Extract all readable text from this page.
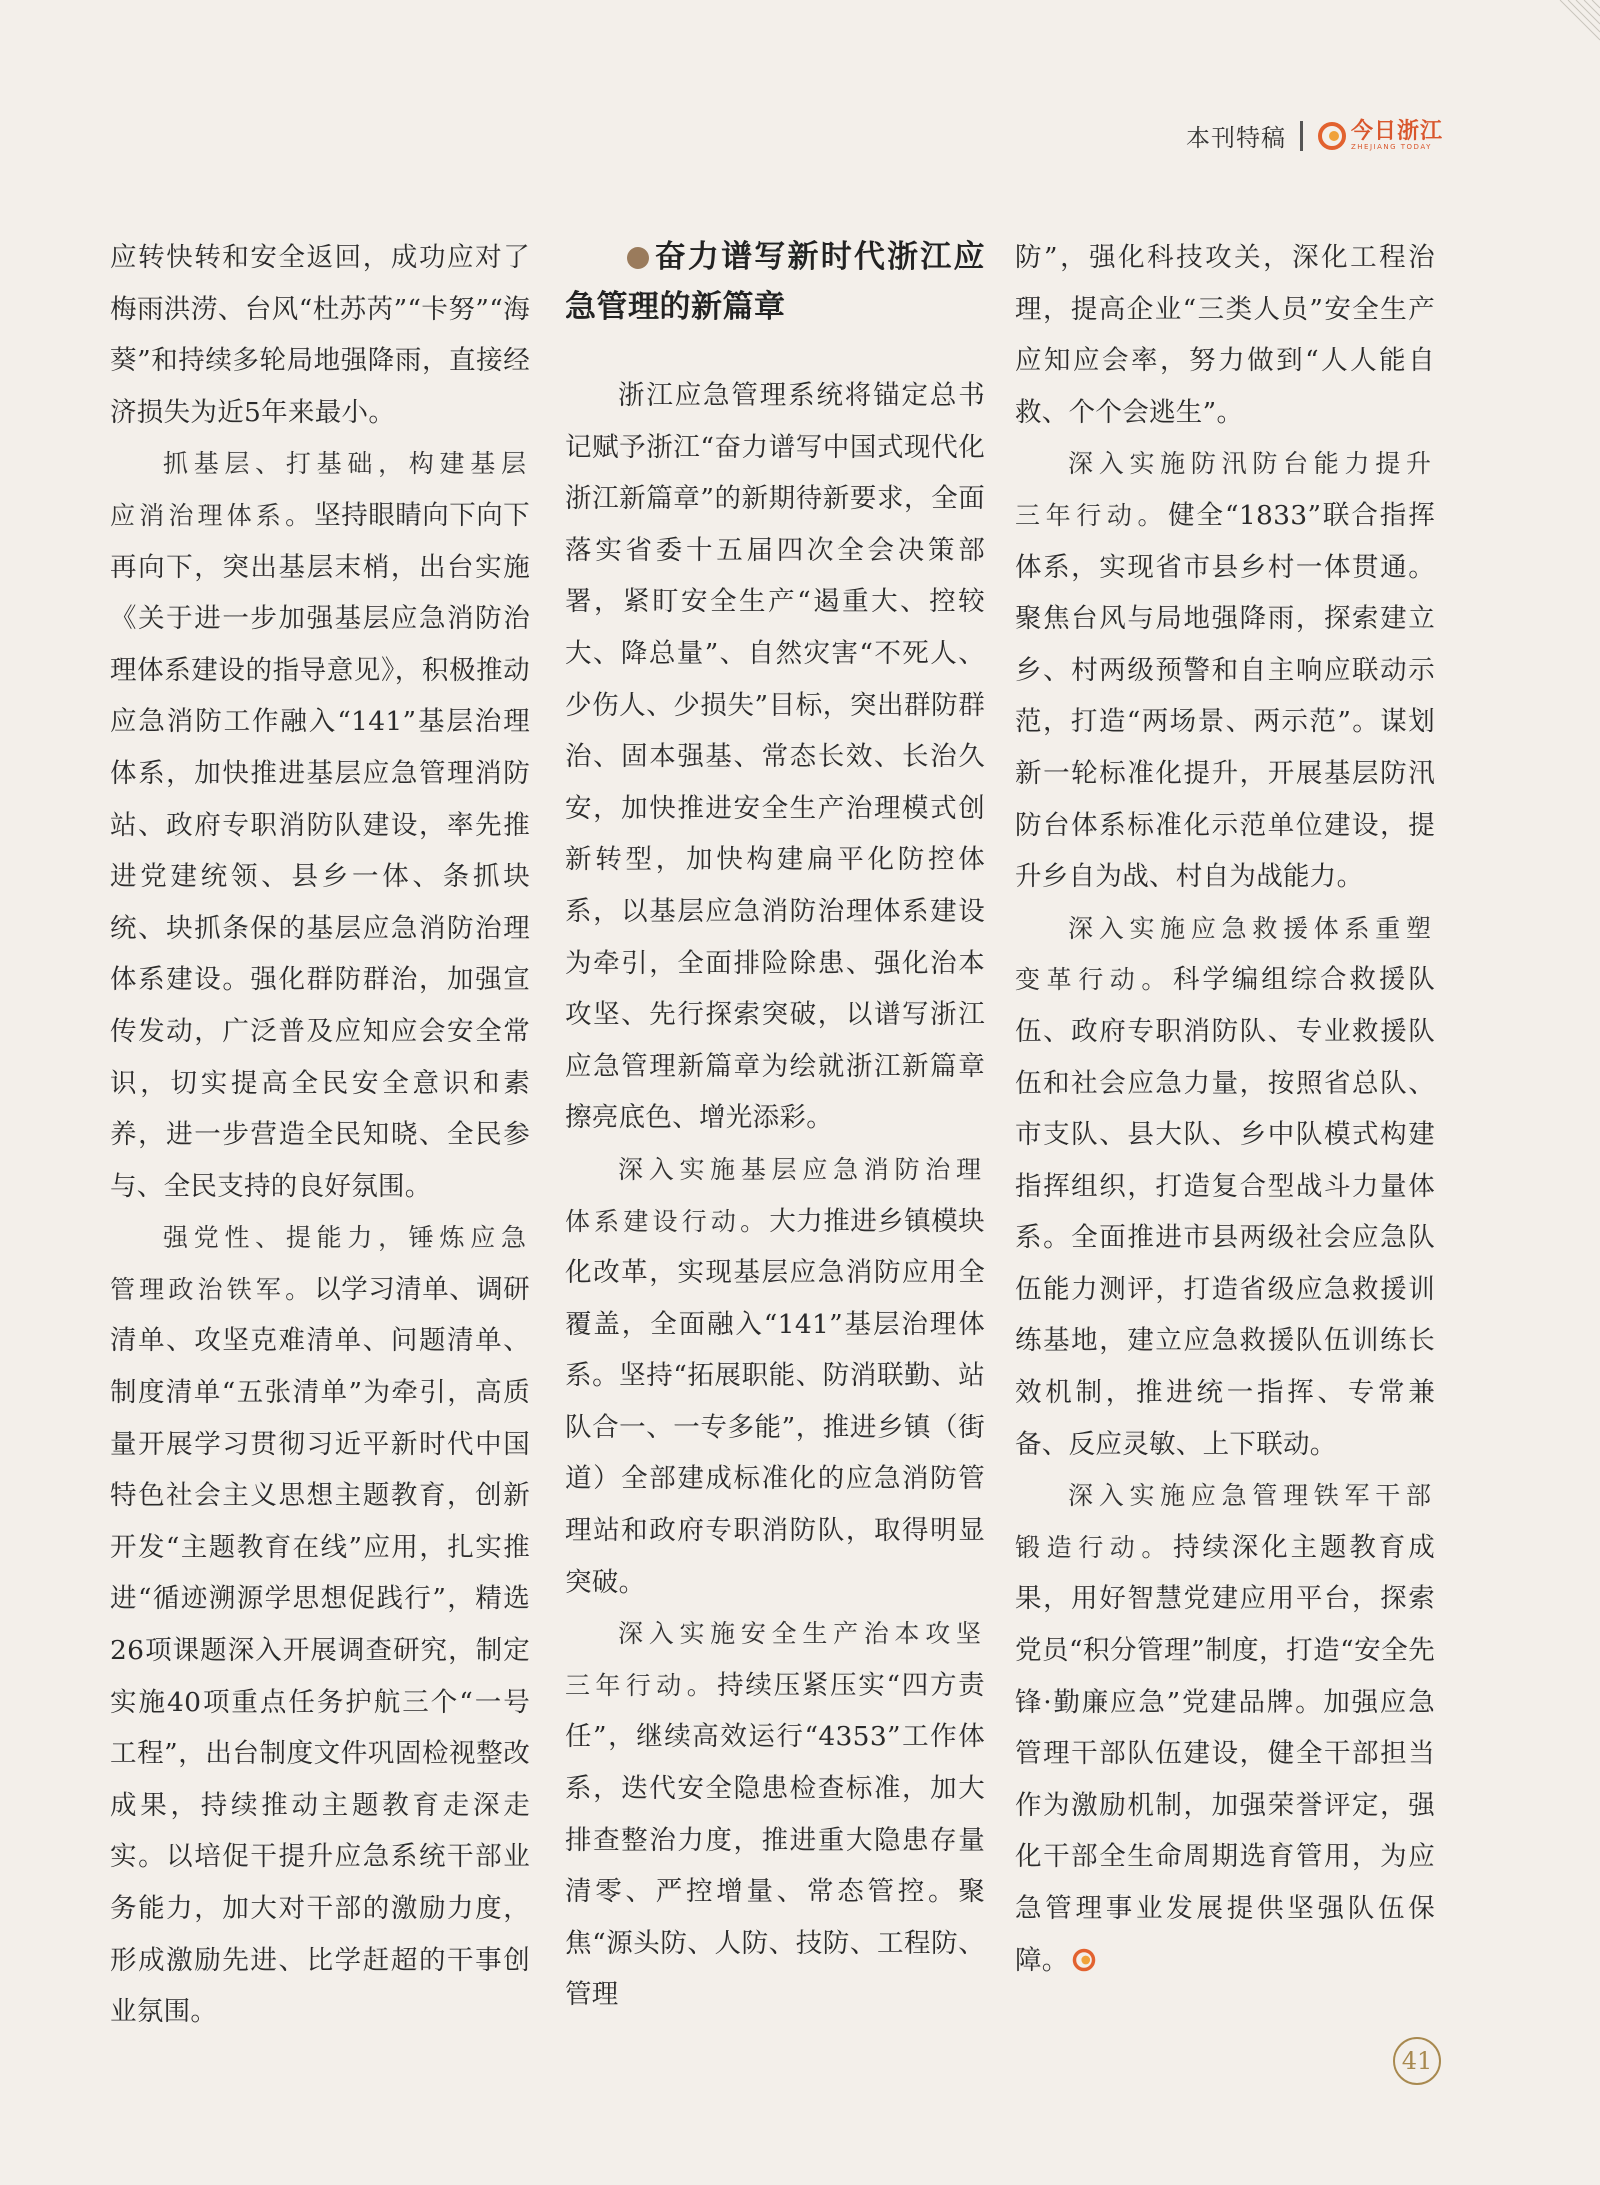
本刊特稿	今日浙江
ZHEJIANG TODAY

应转快转和安全返回，成功应对了梅雨洪涝、台风“杜苏芮”“卡努”“海葵”和持续多轮局地强降雨，直接经济损失为近5年来最小。

抓基层、打基础，构建基层应消治理体系。坚持眼睛向下向下再向下，突出基层末梢，出台实施《关于进一步加强基层应急消防治理体系建设的指导意见》，积极推动应急消防工作融入“141”基层治理体系，加快推进基层应急管理消防站、政府专职消防队建设，率先推进党建统领、县乡一体、条抓块统、块抓条保的基层应急消防治理体系建设。强化群防群治，加强宣传发动，广泛普及应知应会安全常识，切实提高全民安全意识和素养，进一步营造全民知晓、全民参与、全民支持的良好氛围。

强党性、提能力，锤炼应急管理政治铁军。以学习清单、调研清单、攻坚克难清单、问题清单、制度清单“五张清单”为牵引，高质量开展学习贯彻习近平新时代中国特色社会主义思想主题教育，创新开发“主题教育在线”应用，扎实推进“循迹溯源学思想促践行”，精选26项课题深入开展调查研究，制定实施40项重点任务护航三个“一号工程”，出台制度文件巩固检视整改成果，持续推动主题教育走深走实。以培促干提升应急系统干部业务能力，加大对干部的激励力度，形成激励先进、比学赶超的干事创业氛围。

奋力谱写新时代浙江应急管理的新篇章

浙江应急管理系统将锚定总书记赋予浙江“奋力谱写中国式现代化浙江新篇章”的新期待新要求，全面落实省委十五届四次全会决策部署，紧盯安全生产“遏重大、控较大、降总量”、自然灾害“不死人、少伤人、少损失”目标，突出群防群治、固本强基、常态长效、长治久安，加快推进安全生产治理模式创新转型，加快构建扁平化防控体系，以基层应急消防治理体系建设为牵引，全面排险除患、强化治本攻坚、先行探索突破，以谱写浙江应急管理新篇章为绘就浙江新篇章擦亮底色、增光添彩。

深入实施基层应急消防治理体系建设行动。大力推进乡镇模块化改革，实现基层应急消防应用全覆盖，全面融入“141”基层治理体系。坚持“拓展职能、防消联勤、站队合一、一专多能”，推进乡镇（街道）全部建成标准化的应急消防管理站和政府专职消防队，取得明显突破。

深入实施安全生产治本攻坚三年行动。持续压紧压实“四方责任”，继续高效运行“4353”工作体系，迭代安全隐患检查标准，加大排查整治力度，推进重大隐患存量清零、严控增量、常态管控。聚焦“源头防、人防、技防、工程防、管理

防”，强化科技攻关，深化工程治理，提高企业“三类人员”安全生产应知应会率，努力做到“人人能自救、个个会逃生”。

深入实施防汛防台能力提升三年行动。健全“1833”联合指挥体系，实现省市县乡村一体贯通。聚焦台风与局地强降雨，探索建立乡、村两级预警和自主响应联动示范，打造“两场景、两示范”。谋划新一轮标准化提升，开展基层防汛防台体系标准化示范单位建设，提升乡自为战、村自为战能力。

深入实施应急救援体系重塑变革行动。科学编组综合救援队伍、政府专职消防队、专业救援队伍和社会应急力量，按照省总队、市支队、县大队、乡中队模式构建指挥组织，打造复合型战斗力量体系。全面推进市县两级社会应急队伍能力测评，打造省级应急救援训练基地，建立应急救援队伍训练长效机制，推进统一指挥、专常兼备、反应灵敏、上下联动。

深入实施应急管理铁军干部锻造行动。持续深化主题教育成果，用好智慧党建应用平台，探索党员“积分管理”制度，打造“安全先锋·勤廉应急”党建品牌。加强应急管理干部队伍建设，健全干部担当作为激励机制，加强荣誉评定，强化干部全生命周期选育管用，为应急管理事业发展提供坚强队伍保障。

41
